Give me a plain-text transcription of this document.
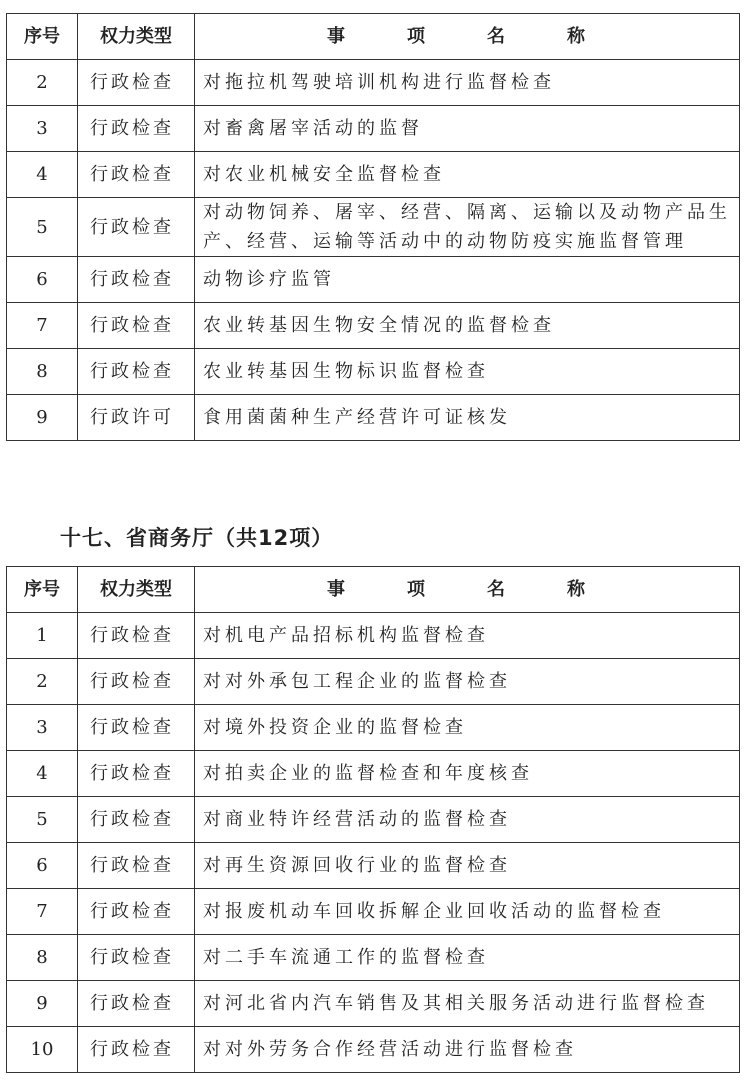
序号	权力类型	事　项　名　称
2	行政检查	对拖拉机驾驶培训机构进行监督检查
3	行政检查	对畜禽屠宰活动的监督
4	行政检查	对农业机械安全监督检查
5	行政检查	对动物饲养、屠宰、经营、隔离、运输以及动物产品生产、经营、运输等活动中的动物防疫实施监督管理
6	行政检查	动物诊疗监管
7	行政检查	农业转基因生物安全情况的监督检查
8	行政检查	农业转基因生物标识监督检查
9	行政许可	食用菌菌种生产经营许可证核发
十七、省商务厅（共12项）
序号	权力类型	事　项　名　称
1	行政检查	对机电产品招标机构监督检查
2	行政检查	对对外承包工程企业的监督检查
3	行政检查	对境外投资企业的监督检查
4	行政检查	对拍卖企业的监督检查和年度核查
5	行政检查	对商业特许经营活动的监督检查
6	行政检查	对再生资源回收行业的监督检查
7	行政检查	对报废机动车回收拆解企业回收活动的监督检查
8	行政检查	对二手车流通工作的监督检查
9	行政检查	对河北省内汽车销售及其相关服务活动进行监督检查
10	行政检查	对对外劳务合作经营活动进行监督检查
